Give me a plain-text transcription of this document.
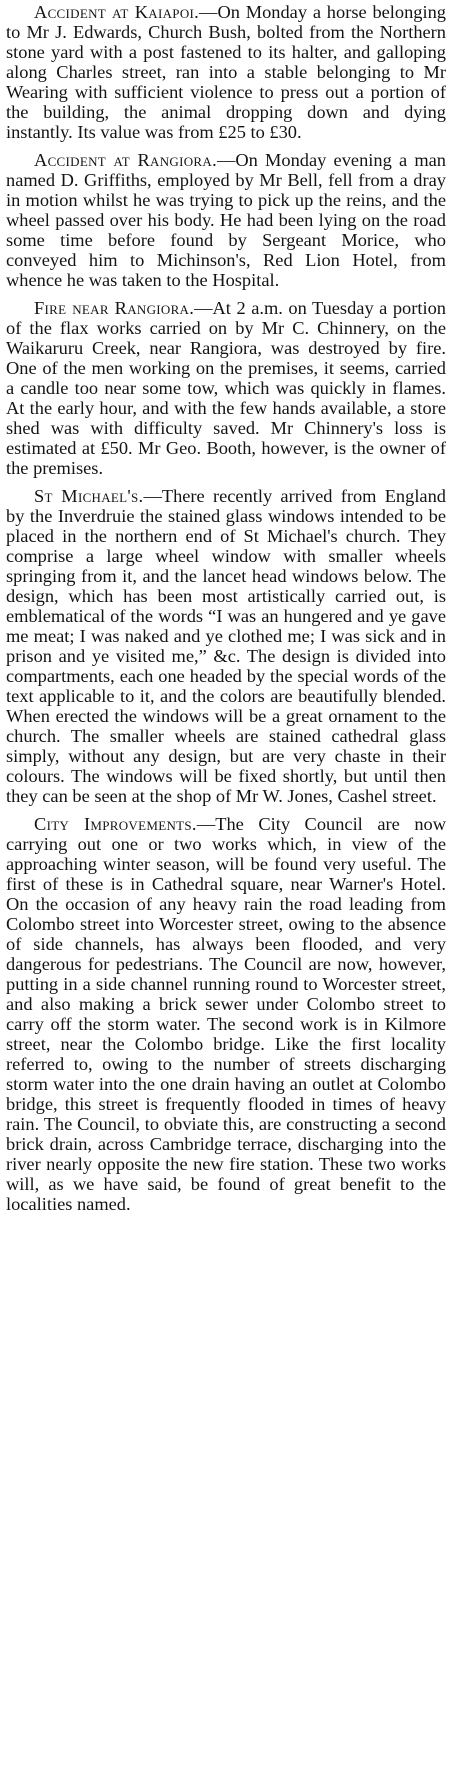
Accident at Kaiapoi.—On Monday a horse belonging to Mr J. Edwards, Church Bush, bolted from the Northern stone yard with a post fastened to its halter, and galloping along Charles street, ran into a stable belonging to Mr Wearing with sufficient violence to press out a portion of the building, the animal dropping down and dying instantly. Its value was from £25 to £30.

Accident at Rangiora.—On Monday evening a man named D. Griffiths, employed by Mr Bell, fell from a dray in motion whilst he was trying to pick up the reins, and the wheel passed over his body. He had been lying on the road some time before found by Sergeant Morice, who conveyed him to Michinson's, Red Lion Hotel, from whence he was taken to the Hospital.

Fire near Rangiora.—At 2 a.m. on Tuesday a portion of the flax works carried on by Mr C. Chinnery, on the Waikaruru Creek, near Rangiora, was destroyed by fire. One of the men working on the premises, it seems, carried a candle too near some tow, which was quickly in flames. At the early hour, and with the few hands available, a store shed was with difficulty saved. Mr Chinnery's loss is estimated at £50. Mr Geo. Booth, however, is the owner of the premises.

St Michael's.—There recently arrived from England by the Inverdruie the stained glass windows intended to be placed in the northern end of St Michael's church. They comprise a large wheel window with smaller wheels springing from it, and the lancet head windows below. The design, which has been most artistically carried out, is emblematical of the words “I was an hungered and ye gave me meat; I was naked and ye clothed me; I was sick and in prison and ye visited me,” &c. The design is divided into compartments, each one headed by the special words of the text applicable to it, and the colors are beautifully blended. When erected the windows will be a great ornament to the church. The smaller wheels are stained cathedral glass simply, without any design, but are very chaste in their colours. The windows will be fixed shortly, but until then they can be seen at the shop of Mr W. Jones, Cashel street.

City Improvements.—The City Council are now carrying out one or two works which, in view of the approaching winter season, will be found very useful. The first of these is in Cathedral square, near Warner's Hotel. On the occasion of any heavy rain the road leading from Colombo street into Worcester street, owing to the absence of side channels, has always been flooded, and very dangerous for pedestrians. The Council are now, however, putting in a side channel running round to Worcester street, and also making a brick sewer under Colombo street to carry off the storm water. The second work is in Kilmore street, near the Colombo bridge. Like the first locality referred to, owing to the number of streets discharging storm water into the one drain having an outlet at Colombo bridge, this street is frequently flooded in times of heavy rain. The Council, to obviate this, are constructing a second brick drain, across Cambridge terrace, discharging into the river nearly opposite the new fire station. These two works will, as we have said, be found of great benefit to the localities named.
